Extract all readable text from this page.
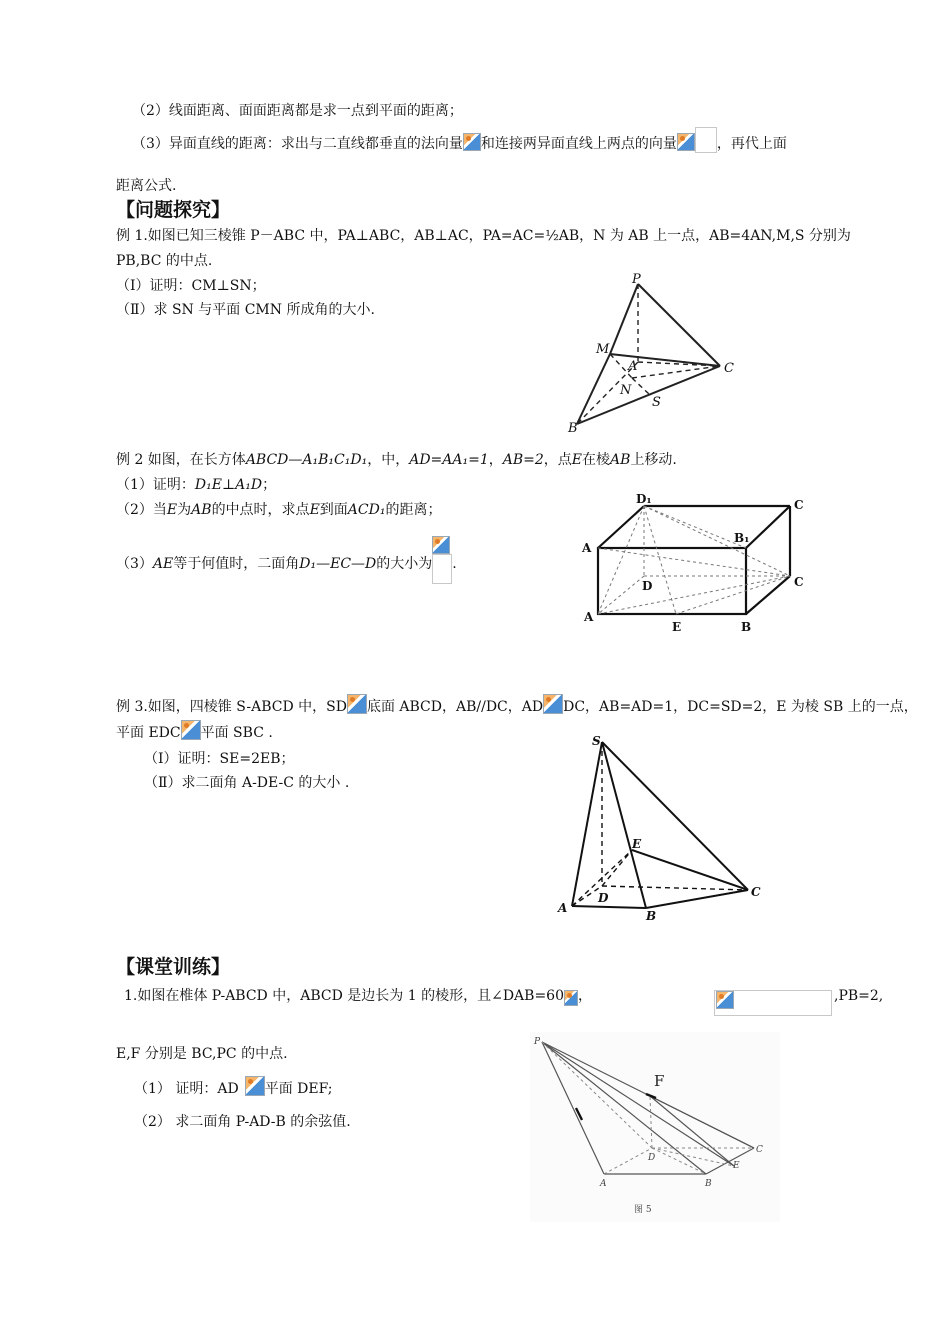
（2）线面距离、面面距离都是求一点到平面的距离；
（3）异面直线的距离：求出与二直线都垂直的法向量 和连接两异面直线上两点的向量	，再代上面
距离公式.
【问题探究】
例 1.如图已知三棱锥 P－ABC 中，PA⊥ABC，AB⊥AC，PA=AC=½AB，N 为 AB 上一点，AB=4AN,M,S 分别为
PB,BC 的中点.
（Ⅰ）证明：CM⊥SN；
（Ⅱ）求 SN 与平面 CMN 所成角的大小.
P
M
A	C
N
S
B
例 2 如图，在长方体ABCD—A₁B₁C₁D₁，中，AD=AA₁=1，AB=2，点E在棱AB上移动.
（1）证明：D₁E⊥A₁D；
（2）当E为AB的中点时，求点E到面ACD₁的距离；
（3）AE等于何值时，二面角D₁—EC—D的大小为 .
D₁	C
B₁
A
D	C
A
E	B
例 3.如图，四棱锥 S-ABCD 中，SD 底面 ABCD，AB//DC，AD DC，AB=AD=1，DC=SD=2，E 为棱 SB 上的一点，
平面 EDC 平面 SBC .
（Ⅰ）证明：SE=2EB；
（Ⅱ）求二面角 A-DE-C 的大小 .
S
E
C
A
D
B
【课堂训练】
1.如图在椎体 P-ABCD 中，ABCD 是边长为 1 的棱形，且∠DAB=60 ，	,PB=2,
E,F 分别是 BC,PC 的中点.
（1） 证明：AD 平面 DEF;
（2） 求二面角 P-AD-B 的余弦值.
P
C
D
E
A	B
图 5
F
